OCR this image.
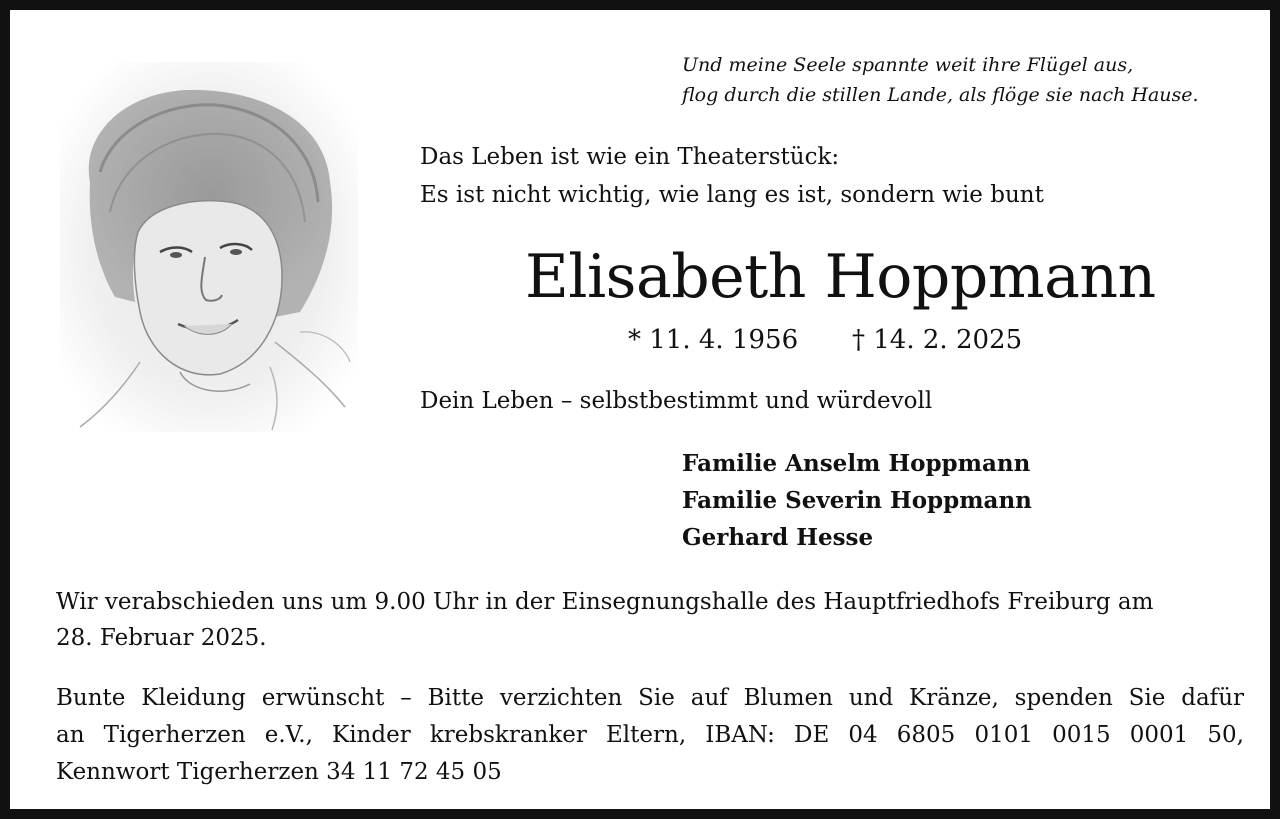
Und meine Seele spannte weit ihre Flügel aus,
flog durch die stillen Lande, als flöge sie nach Hause.
Das Leben ist wie ein Theaterstück:
Es ist nicht wichtig, wie lang es ist, sondern wie bunt
Elisabeth Hoppmann
* 11. 4. 1956 † 14. 2. 2025
Dein Leben – selbstbestimmt und würdevoll
Familie Anselm Hoppmann
Familie Severin Hoppmann
Gerhard Hesse
Wir verabschieden uns um 9.00 Uhr in der Einsegnungshalle des Hauptfriedhofs Freiburg am
28. Februar 2025.
Bunte Kleidung erwünscht – Bitte verzichten Sie auf Blumen und Kränze, spenden Sie dafür
an Tigerherzen e.V., Kinder krebskranker Eltern, IBAN: DE 04 6805 0101 0015 0001 50,
Kennwort Tigerherzen 34 11 72 45 05
